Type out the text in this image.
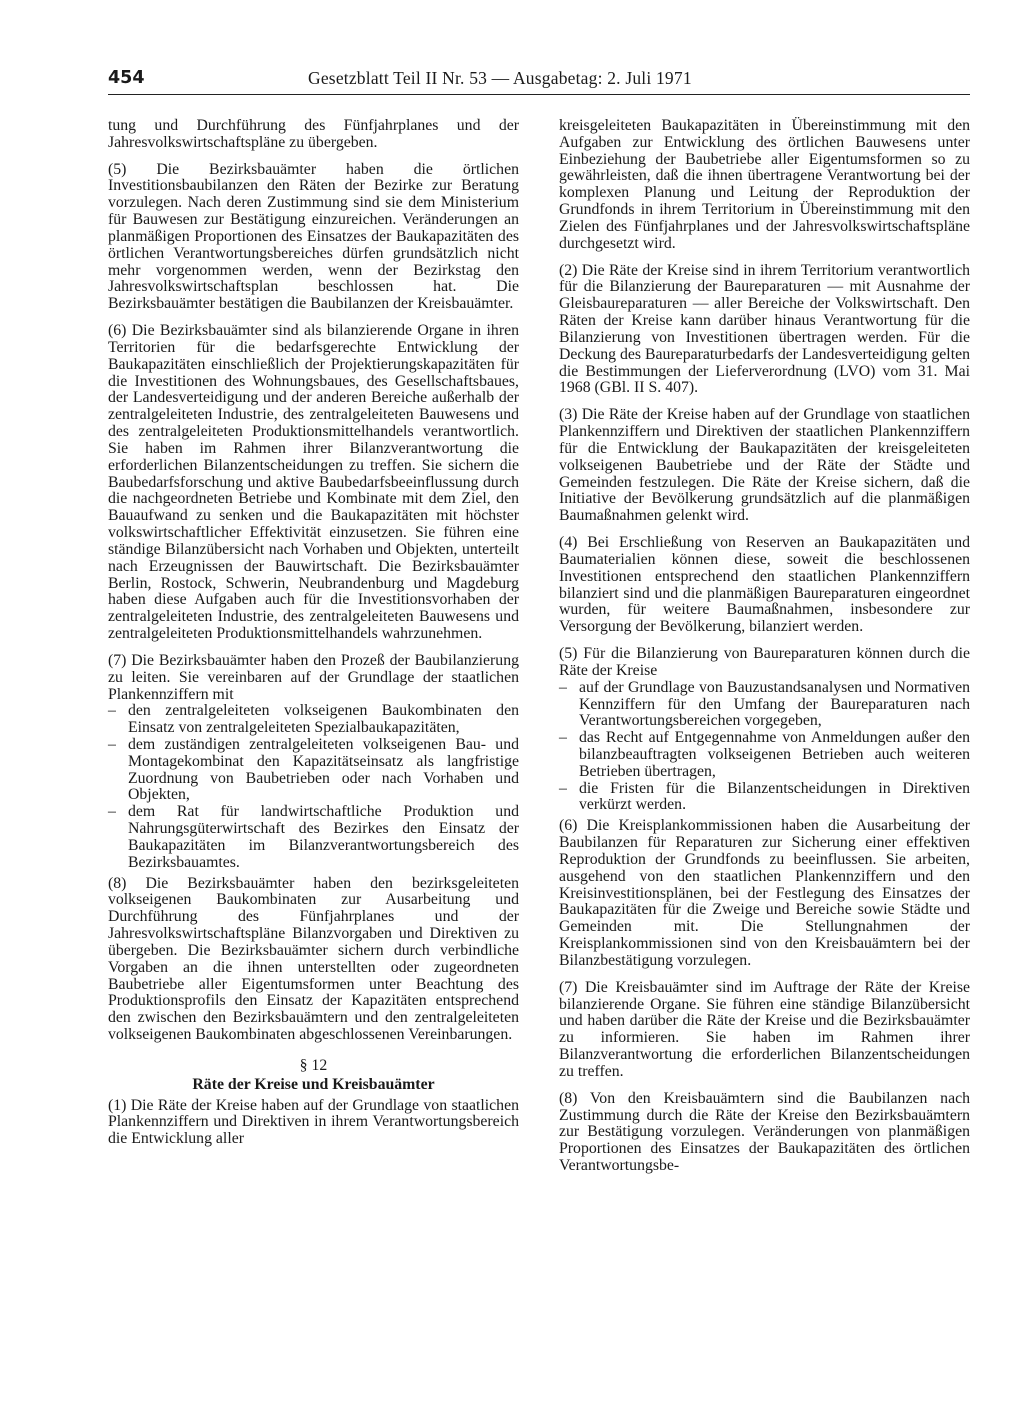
454	Gesetzblatt Teil II Nr. 53 — Ausgabetag: 2. Juli 1971

tung und Durchführung des Fünfjahrplanes und der Jahresvolkswirtschaftspläne zu übergeben.

(5) Die Bezirksbauämter haben die örtlichen Investitionsbaubilanzen den Räten der Bezirke zur Beratung vorzulegen. Nach deren Zustimmung sind sie dem Ministerium für Bauwesen zur Bestätigung einzureichen. Veränderungen an planmäßigen Proportionen des Einsatzes der Baukapazitäten des örtlichen Verantwortungsbereiches dürfen grundsätzlich nicht mehr vorgenommen werden, wenn der Bezirkstag den Jahresvolkswirtschaftsplan beschlossen hat. Die Bezirksbauämter bestätigen die Baubilanzen der Kreisbauämter.

(6) Die Bezirksbauämter sind als bilanzierende Organe in ihren Territorien für die bedarfsgerechte Entwicklung der Baukapazitäten einschließlich der Projektierungskapazitäten für die Investitionen des Wohnungsbaues, des Gesellschaftsbaues, der Landesverteidigung und der anderen Bereiche außerhalb der zentralgeleiteten Industrie, des zentralgeleiteten Bauwesens und des zentralgeleiteten Produktionsmittelhandels verantwortlich. Sie haben im Rahmen ihrer Bilanzverantwortung die erforderlichen Bilanzentscheidungen zu treffen. Sie sichern die Baubedarfsforschung und aktive Baubedarfsbeeinflussung durch die nachgeordneten Betriebe und Kombinate mit dem Ziel, den Bauaufwand zu senken und die Baukapazitäten mit höchster volkswirtschaftlicher Effektivität einzusetzen. Sie führen eine ständige Bilanzübersicht nach Vorhaben und Objekten, unterteilt nach Erzeugnissen der Bauwirtschaft. Die Bezirksbauämter Berlin, Rostock, Schwerin, Neubrandenburg und Magdeburg haben diese Aufgaben auch für die Investitionsvorhaben der zentralgeleiteten Industrie, des zentralgeleiteten Bauwesens und zentralgeleiteten Produktionsmittelhandels wahrzunehmen.

(7) Die Bezirksbauämter haben den Prozeß der Baubilanzierung zu leiten. Sie vereinbaren auf der Grundlage der staatlichen Plankennziffern mit

– den zentralgeleiteten volkseigenen Baukombinaten den Einsatz von zentralgeleiteten Spezialbaukapazitäten,
– dem zuständigen zentralgeleiteten volkseigenen Bau- und Montagekombinat den Kapazitätseinsatz als langfristige Zuordnung von Baubetrieben oder nach Vorhaben und Objekten,
– dem Rat für landwirtschaftliche Produktion und Nahrungsgüterwirtschaft des Bezirkes den Einsatz der Baukapazitäten im Bilanzverantwortungsbereich des Bezirksbauamtes.

(8) Die Bezirksbauämter haben den bezirksgeleiteten volkseigenen Baukombinaten zur Ausarbeitung und Durchführung des Fünfjahrplanes und der Jahresvolkswirtschaftspläne Bilanzvorgaben und Direktiven zu übergeben. Die Bezirksbauämter sichern durch verbindliche Vorgaben an die ihnen unterstellten oder zugeordneten Baubetriebe aller Eigentumsformen unter Beachtung des Produktionsprofils den Einsatz der Kapazitäten entsprechend den zwischen den Bezirksbauämtern und den zentralgeleiteten volkseigenen Baukombinaten abgeschlossenen Vereinbarungen.

§ 12
Räte der Kreise und Kreisbauämter

(1) Die Räte der Kreise haben auf der Grundlage von staatlichen Plankennziffern und Direktiven in ihrem Verantwortungsbereich die Entwicklung aller

kreisgeleiteten Baukapazitäten in Übereinstimmung mit den Aufgaben zur Entwicklung des örtlichen Bauwesens unter Einbeziehung der Baubetriebe aller Eigentumsformen so zu gewährleisten, daß die ihnen übertragene Verantwortung bei der komplexen Planung und Leitung der Reproduktion der Grundfonds in ihrem Territorium in Übereinstimmung mit den Zielen des Fünfjahrplanes und der Jahresvolkswirtschaftspläne durchgesetzt wird.

(2) Die Räte der Kreise sind in ihrem Territorium verantwortlich für die Bilanzierung der Baureparaturen — mit Ausnahme der Gleisbaureparaturen — aller Bereiche der Volkswirtschaft. Den Räten der Kreise kann darüber hinaus Verantwortung für die Bilanzierung von Investitionen übertragen werden. Für die Deckung des Baureparaturbedarfs der Landesverteidigung gelten die Bestimmungen der Lieferverordnung (LVO) vom 31. Mai 1968 (GBl. II S. 407).

(3) Die Räte der Kreise haben auf der Grundlage von staatlichen Plankennziffern und Direktiven der staatlichen Plankennziffern für die Entwicklung der Baukapazitäten der kreisgeleiteten volkseigenen Baubetriebe und der Räte der Städte und Gemeinden festzulegen. Die Räte der Kreise sichern, daß die Initiative der Bevölkerung grundsätzlich auf die planmäßigen Baumaßnahmen gelenkt wird.

(4) Bei Erschließung von Reserven an Baukapazitäten und Baumaterialien können diese, soweit die beschlossenen Investitionen entsprechend den staatlichen Plankennziffern bilanziert sind und die planmäßigen Baureparaturen eingeordnet wurden, für weitere Baumaßnahmen, insbesondere zur Versorgung der Bevölkerung, bilanziert werden.

(5) Für die Bilanzierung von Baureparaturen können durch die Räte der Kreise

– auf der Grundlage von Bauzustandsanalysen und Normativen Kennziffern für den Umfang der Baureparaturen nach Verantwortungsbereichen vorgegeben,
– das Recht auf Entgegennahme von Anmeldungen außer den bilanzbeauftragten volkseigenen Betrieben auch weiteren Betrieben übertragen,
– die Fristen für die Bilanzentscheidungen in Direktiven verkürzt werden.

(6) Die Kreisplankommissionen haben die Ausarbeitung der Baubilanzen für Reparaturen zur Sicherung einer effektiven Reproduktion der Grundfonds zu beeinflussen. Sie arbeiten, ausgehend von den staatlichen Plankennziffern und den Kreisinvestitionsplänen, bei der Festlegung des Einsatzes der Baukapazitäten für die Zweige und Bereiche sowie Städte und Gemeinden mit. Die Stellungnahmen der Kreisplankommissionen sind von den Kreisbauämtern bei der Bilanzbestätigung vorzulegen.

(7) Die Kreisbauämter sind im Auftrage der Räte der Kreise bilanzierende Organe. Sie führen eine ständige Bilanzübersicht und haben darüber die Räte der Kreise und die Bezirksbauämter zu informieren. Sie haben im Rahmen ihrer Bilanzverantwortung die erforderlichen Bilanzentscheidungen zu treffen.

(8) Von den Kreisbauämtern sind die Baubilanzen nach Zustimmung durch die Räte der Kreise den Bezirksbauämtern zur Bestätigung vorzulegen. Veränderungen von planmäßigen Proportionen des Einsatzes der Baukapazitäten des örtlichen Verantwortungsbe-
